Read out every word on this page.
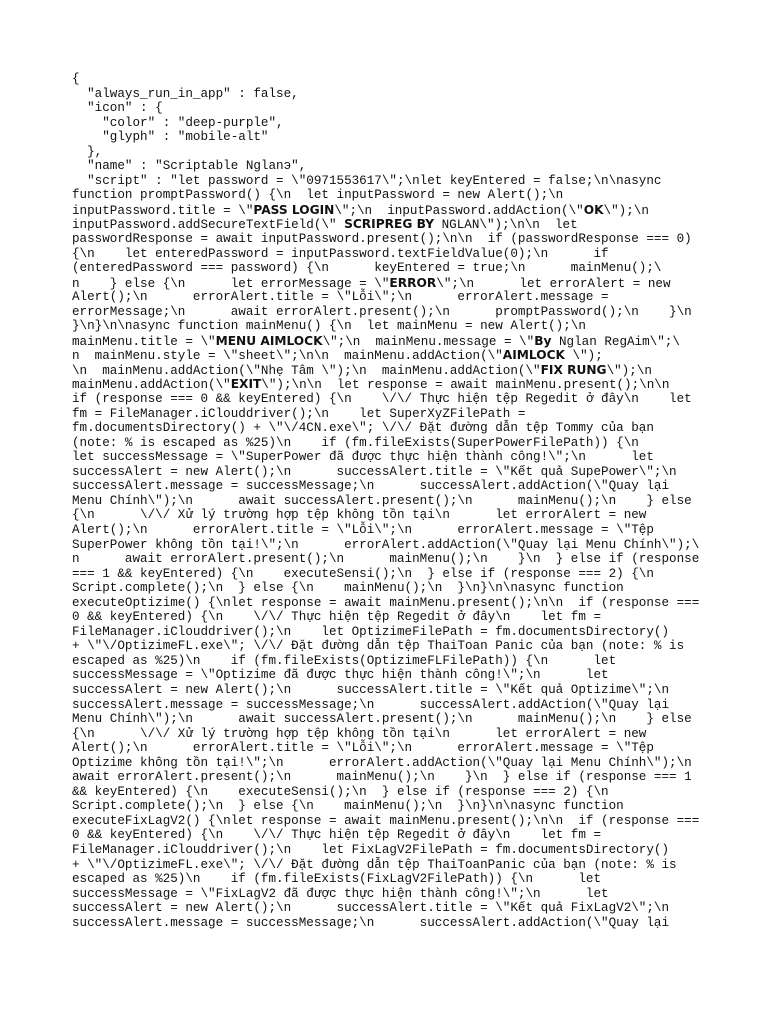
{
"always_run_in_app" : false,
"icon" : {
"color" : "deep-purple",
"glyph" : "mobile-alt"
},
"name" : "Scriptable Nglanэ",
"script" : "let password = \"0971553617\";\nlet keyEntered = false;\n\nasync
function promptPassword() {\n  let inputPassword = new Alert();\n
inputPassword.title = \"PASS LOGIN\";\n  inputPassword.addAction(\"OK\");\n
inputPassword.addSecureTextField(\" SCRIPREG BY NGLAN\");\n\n  let
passwordResponse = await inputPassword.present();\n\n  if (passwordResponse === 0)
{\n    let enteredPassword = inputPassword.textFieldValue(0);\n      if
(enteredPassword === password) {\n      keyEntered = true;\n      mainMenu();\
n    } else {\n      let errorMessage = \"ERROR\";\n      let errorAlert = new
Alert();\n      errorAlert.title = \"Lỗi\";\n      errorAlert.message =
errorMessage;\n      await errorAlert.present();\n      promptPassword();\n    }\n
}\n}\n\nasync function mainMenu() {\n  let mainMenu = new Alert();\n
mainMenu.title = \"MENU AIMLOCK\";\n  mainMenu.message = \"By Nglan RegAim\";\
n  mainMenu.style = \"sheet\";\n\n  mainMenu.addAction(\"AIMLOCK \");
\n  mainMenu.addAction(\"Nhẹ Tâm \");\n  mainMenu.addAction(\"FIX RUNG\");\n
mainMenu.addAction(\"EXIT\");\n\n  let response = await mainMenu.present();\n\n
if (response === 0 && keyEntered) {\n    \/\/ Thực hiện tệp Regedit ở đây\n    let
fm = FileManager.iClouddriver();\n    let SuperXyZFilePath =
fm.documentsDirectory() + \"\/4CN.exe\"; \/\/ Đặt đường dẫn tệp Tommy của bạn
(note: % is escaped as %25)\n    if (fm.fileExists(SuperPowerFilePath)) {\n
let successMessage = \"SuperPower đã được thực hiện thành công!\";\n      let
successAlert = new Alert();\n      successAlert.title = \"Kết quả SupePower\";\n
successAlert.message = successMessage;\n      successAlert.addAction(\"Quay lại
Menu Chính\");\n      await successAlert.present();\n      mainMenu();\n    } else
{\n      \/\/ Xử lý trường hợp tệp không tồn tại\n      let errorAlert = new
Alert();\n      errorAlert.title = \"Lỗi\";\n      errorAlert.message = \"Tệp
SuperPower không tồn tại!\";\n      errorAlert.addAction(\"Quay lại Menu Chính\");\
n      await errorAlert.present();\n      mainMenu();\n    }\n  } else if (response
=== 1 && keyEntered) {\n    executeSensi();\n  } else if (response === 2) {\n
Script.complete();\n  } else {\n    mainMenu();\n  }\n}\n\nasync function
executeOptizime() {\nlet response = await mainMenu.present();\n\n  if (response ===
0 && keyEntered) {\n    \/\/ Thực hiện tệp Regedit ở đây\n    let fm =
FileManager.iClouddriver();\n    let OptizimeFilePath = fm.documentsDirectory()
+ \"\/OptizimeFL.exe\"; \/\/ Đặt đường dẫn tệp ThaiToan Panic của bạn (note: % is
escaped as %25)\n    if (fm.fileExists(OptizimeFLFilePath)) {\n      let
successMessage = \"Optizime đã được thực hiện thành công!\";\n      let
successAlert = new Alert();\n      successAlert.title = \"Kết quả Optizime\";\n
successAlert.message = successMessage;\n      successAlert.addAction(\"Quay lại
Menu Chính\");\n      await successAlert.present();\n      mainMenu();\n    } else
{\n      \/\/ Xử lý trường hợp tệp không tồn tại\n      let errorAlert = new
Alert();\n      errorAlert.title = \"Lỗi\";\n      errorAlert.message = \"Tệp
Optizime không tồn tại!\";\n      errorAlert.addAction(\"Quay lại Menu Chính\");\n
await errorAlert.present();\n      mainMenu();\n    }\n  } else if (response === 1
&& keyEntered) {\n    executeSensi();\n  } else if (response === 2) {\n
Script.complete();\n  } else {\n    mainMenu();\n  }\n}\n\nasync function
executeFixLagV2() {\nlet response = await mainMenu.present();\n\n  if (response ===
0 && keyEntered) {\n    \/\/ Thực hiện tệp Regedit ở đây\n    let fm =
FileManager.iClouddriver();\n    let FixLagV2FilePath = fm.documentsDirectory()
+ \"\/OptizimeFL.exe\"; \/\/ Đặt đường dẫn tệp ThaiToanPanic của bạn (note: % is
escaped as %25)\n    if (fm.fileExists(FixLagV2FilePath)) {\n      let
successMessage = \"FixLagV2 đã được thực hiện thành công!\";\n      let
successAlert = new Alert();\n      successAlert.title = \"Kết quả FixLagV2\";\n
successAlert.message = successMessage;\n      successAlert.addAction(\"Quay lại
